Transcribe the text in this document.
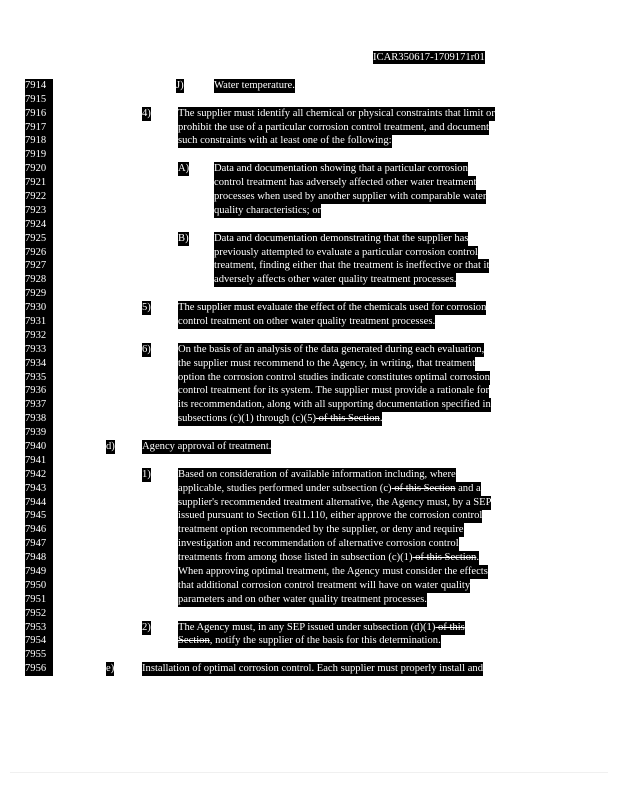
ICAR350617-1709171r01
7914
7915
7916
7917
7918
7919
7920
7921
7922
7923
7924
7925
7926
7927
7928
7929
7930
7931
7932
7933
7934
7935
7936
7937
7938
7939
7940
7941
7942
7943
7944
7945
7946
7947
7948
7949
7950
7951
7952
7953
7954
7955
7956
J)
4)
A)
B)
5)
6)
d)
1)
2)
e)
Water temperature.
The supplier must identify all chemical or physical constraints that limit or
prohibit the use of a particular corrosion control treatment, and document
such constraints with at least one of the following:
Data and documentation showing that a particular corrosion
control treatment has adversely affected other water treatment
processes when used by another supplier with comparable water
quality characteristics; or
Data and documentation demonstrating that the supplier has
previously attempted to evaluate a particular corrosion control
treatment, finding either that the treatment is ineffective or that it
adversely affects other water quality treatment processes.
The supplier must evaluate the effect of the chemicals used for corrosion
control treatment on other water quality treatment processes.
On the basis of an analysis of the data generated during each evaluation,
the supplier must recommend to the Agency, in writing, that treatment
option the corrosion control studies indicate constitutes optimal corrosion
control treatment for its system. The supplier must provide a rationale for
its recommendation, along with all supporting documentation specified in
subsections (c)(1) through (c)(5) of this Section.
Agency approval of treatment.
Based on consideration of available information including, where
applicable, studies performed under subsection (c) of this Section and a
supplier's recommended treatment alternative, the Agency must, by a SEP
issued pursuant to Section 611.110, either approve the corrosion control
treatment option recommended by the supplier, or deny and require
investigation and recommendation of alternative corrosion control
treatments from among those listed in subsection (c)(1) of this Section.
When approving optimal treatment, the Agency must consider the effects
that additional corrosion control treatment will have on water quality
parameters and on other water quality treatment processes.
The Agency must, in any SEP issued under subsection (d)(1) of this
Section, notify the supplier of the basis for this determination.
Installation of optimal corrosion control. Each supplier must properly install and
